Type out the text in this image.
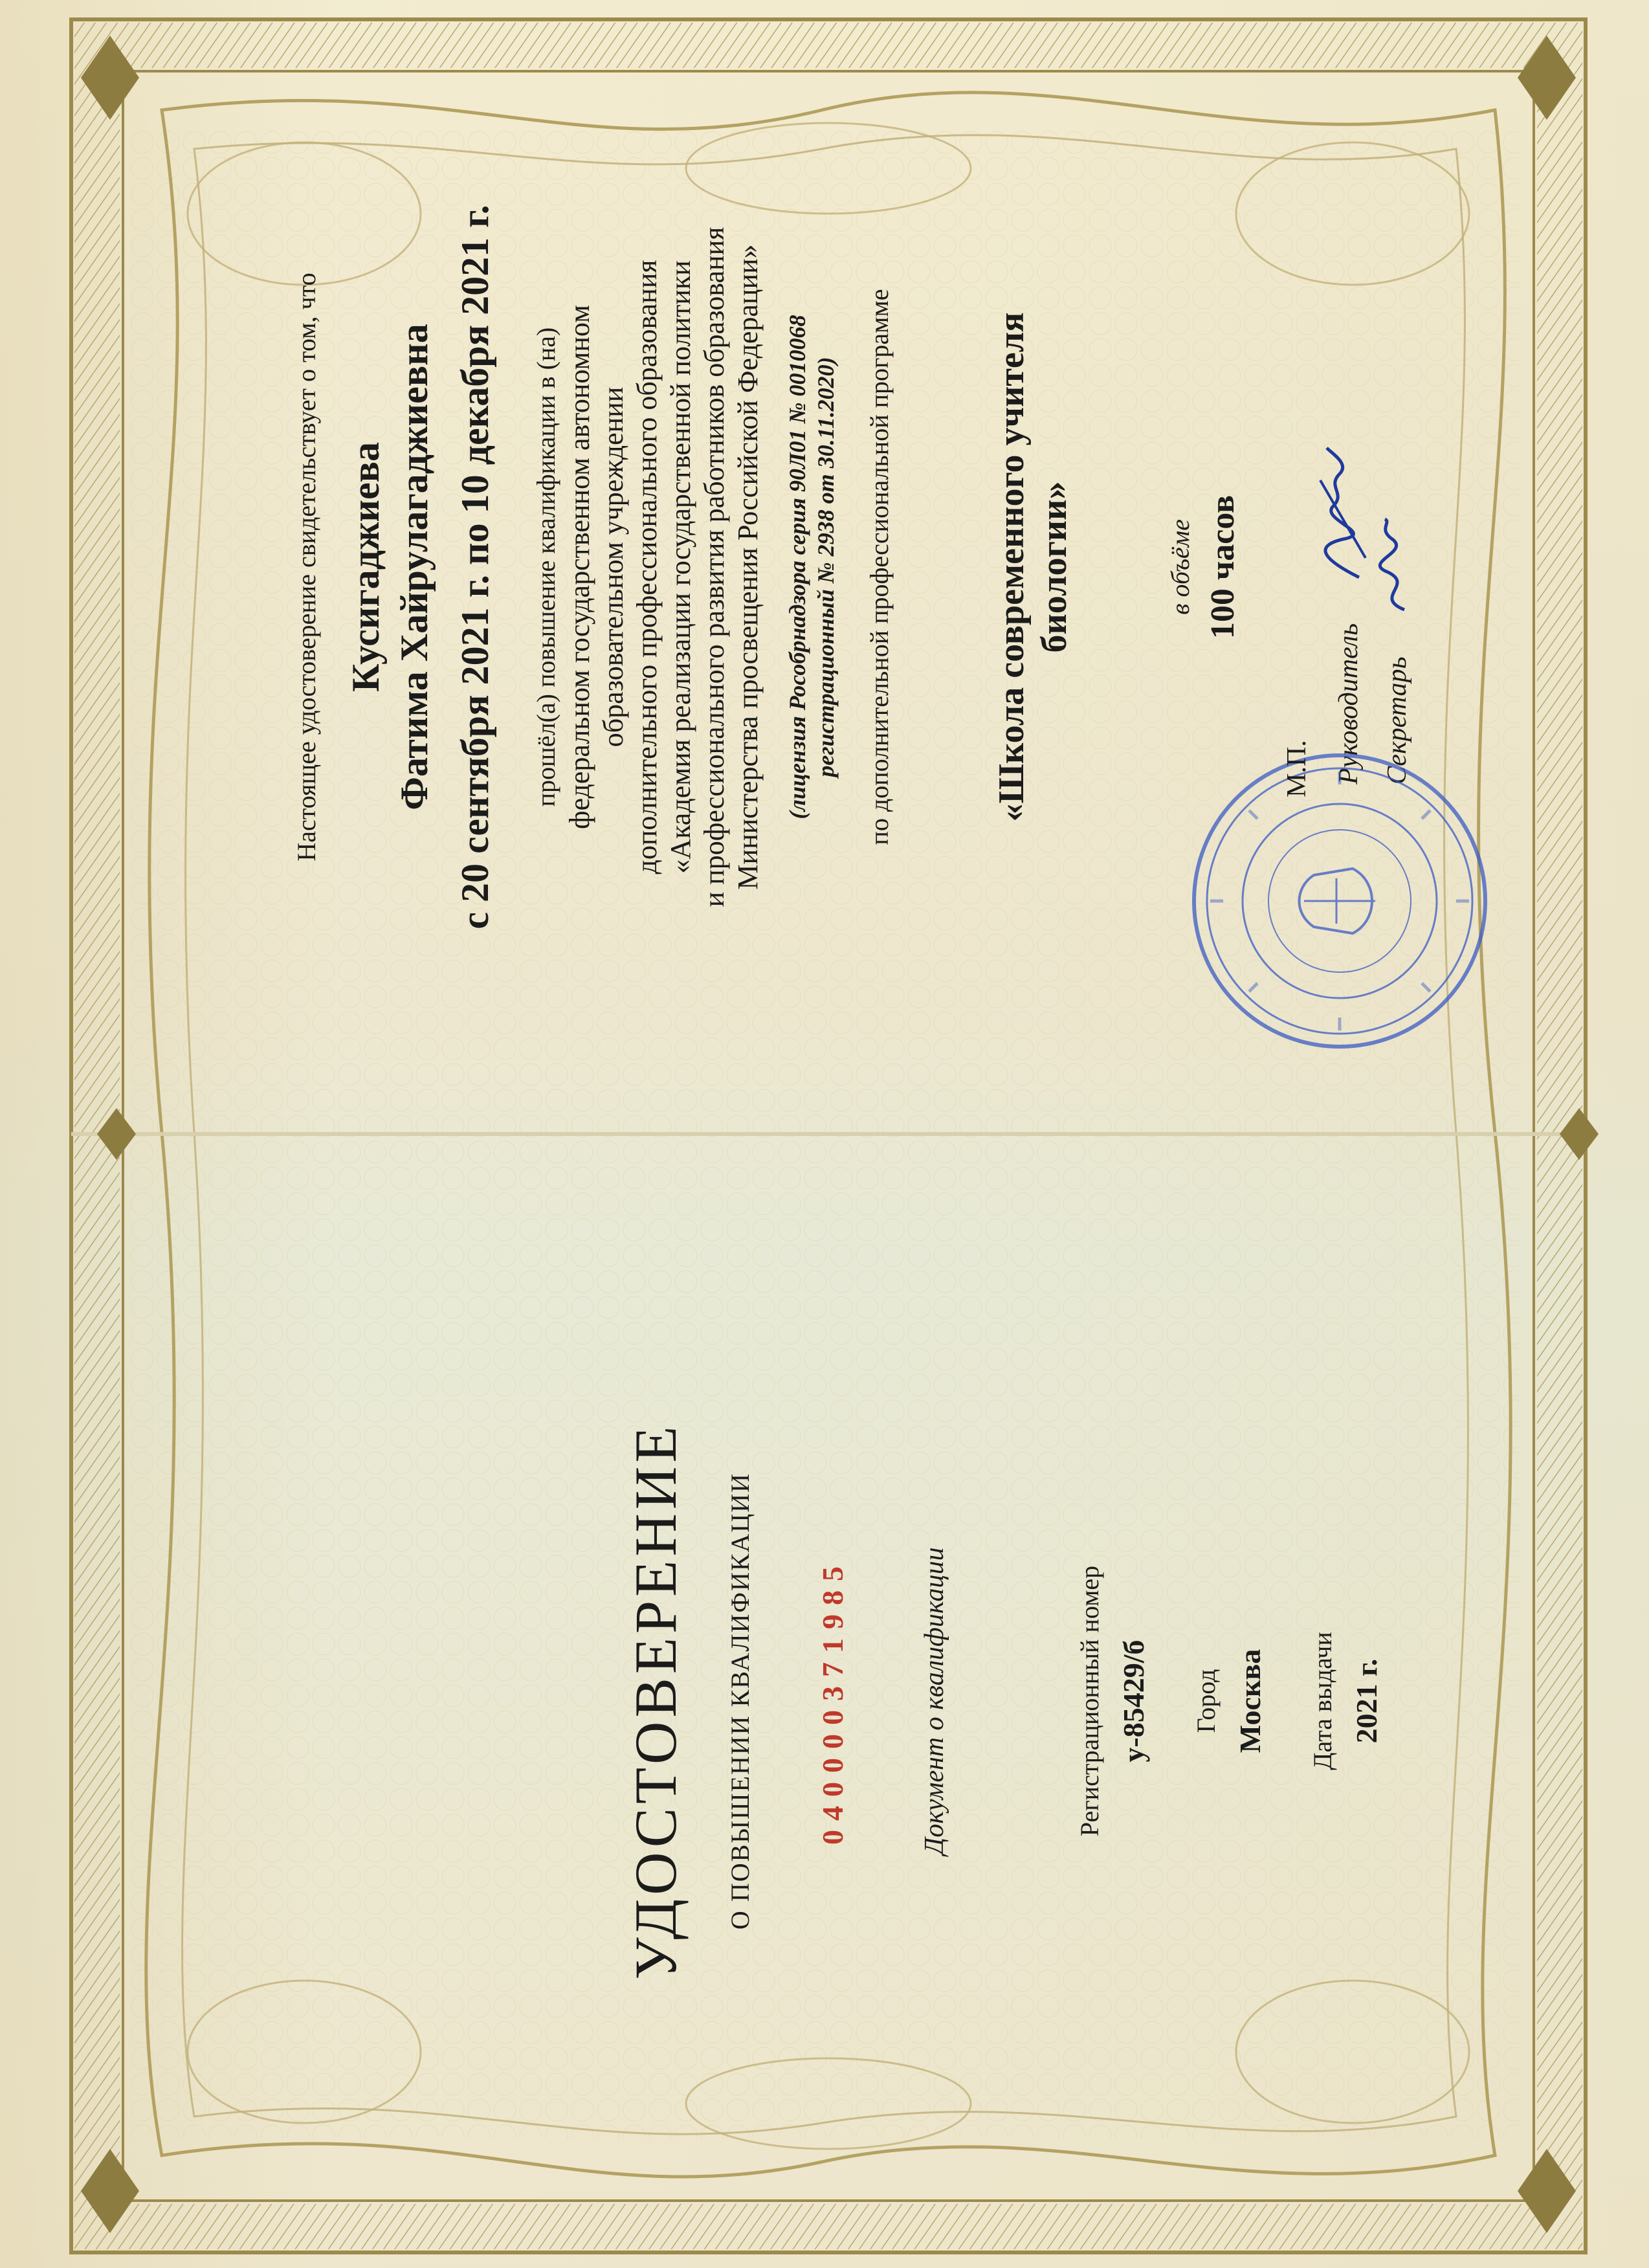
УДОСТОВЕРЕНИЕ О ПОВЫШЕНИИ КВАЛИФИКАЦИИ 040000371985	Документ о квалификации	Регистрационный номер у-85429/б Город Москва Дата выдачи 2021 г.
Настоящее удостоверение свидетельствует о том, что Кусигаджиева Фатима Хайрулагаджиевна с 20 сентября 2021 г. по 10 декабря 2021 г. прошёл(а) повышение квалификации в (на) федеральном государственном автономном образовательном учреждении дополнительного профессионального образования «Академия реализации государственной политики и профессионального развития работников образования Министерства просвещения Российской Федерации» (лицензия Рособрнадзора серия 90Л01 № 0010068 регистрационный № 2938 от 30.11.2020) по дополнительной профессиональной программе	«Школа современного учителя биологии»	в объёме 100 часов
Руководитель Секретарь
М.П.
